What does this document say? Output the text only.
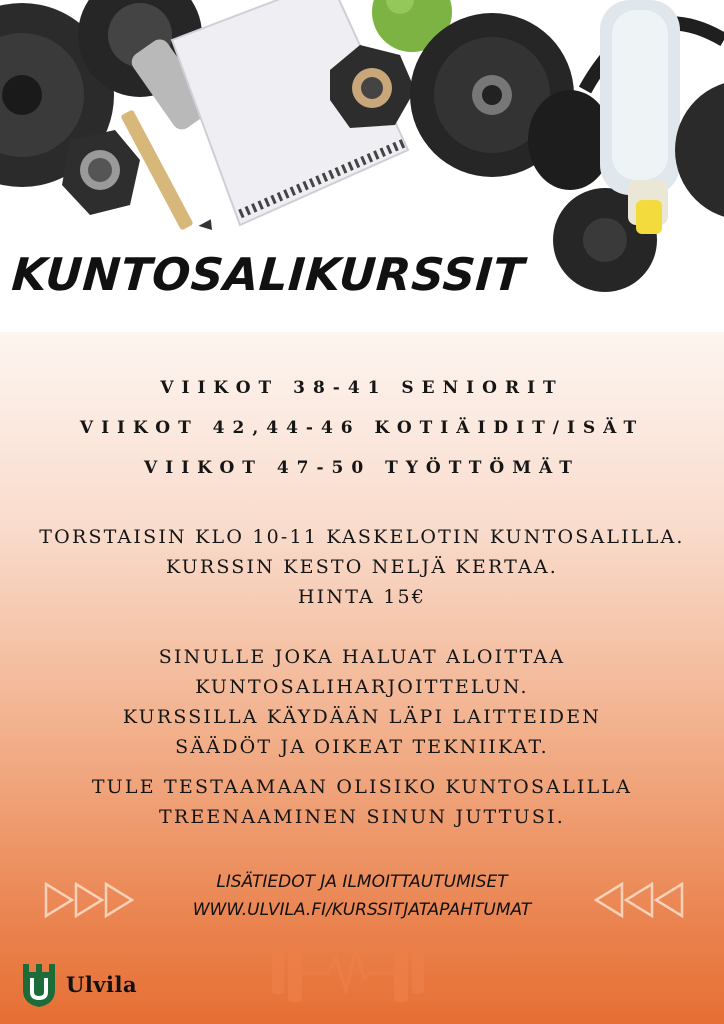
KUNTOSALIKURSSIT
VIIKOT 38-41 SENIORIT
VIIKOT 42,44-46 KOTIÄIDIT/ISÄT
VIIKOT 47-50 TYÖTTÖMÄT
TORSTAISIN KLO 10-11 KASKELOTIN KUNTOSALILLA.
KURSSIN KESTO NELJÄ KERTAA.
HINTA 15€
SINULLE JOKA HALUAT ALOITTAA
KUNTOSALIHARJOITTELUN.
KURSSILLA KÄYDÄÄN LÄPI LAITTEIDEN
SÄÄDÖT JA OIKEAT TEKNIIKAT.
TULE TESTAAMAAN OLISIKO KUNTOSALILLA
TREENAAMINEN SINUN JUTTUSI.
LISÄTIEDOT JA ILMOITTAUTUMISET
WWW.ULVILA.FI/KURSSITJATAPAHTUMAT
Ulvila
